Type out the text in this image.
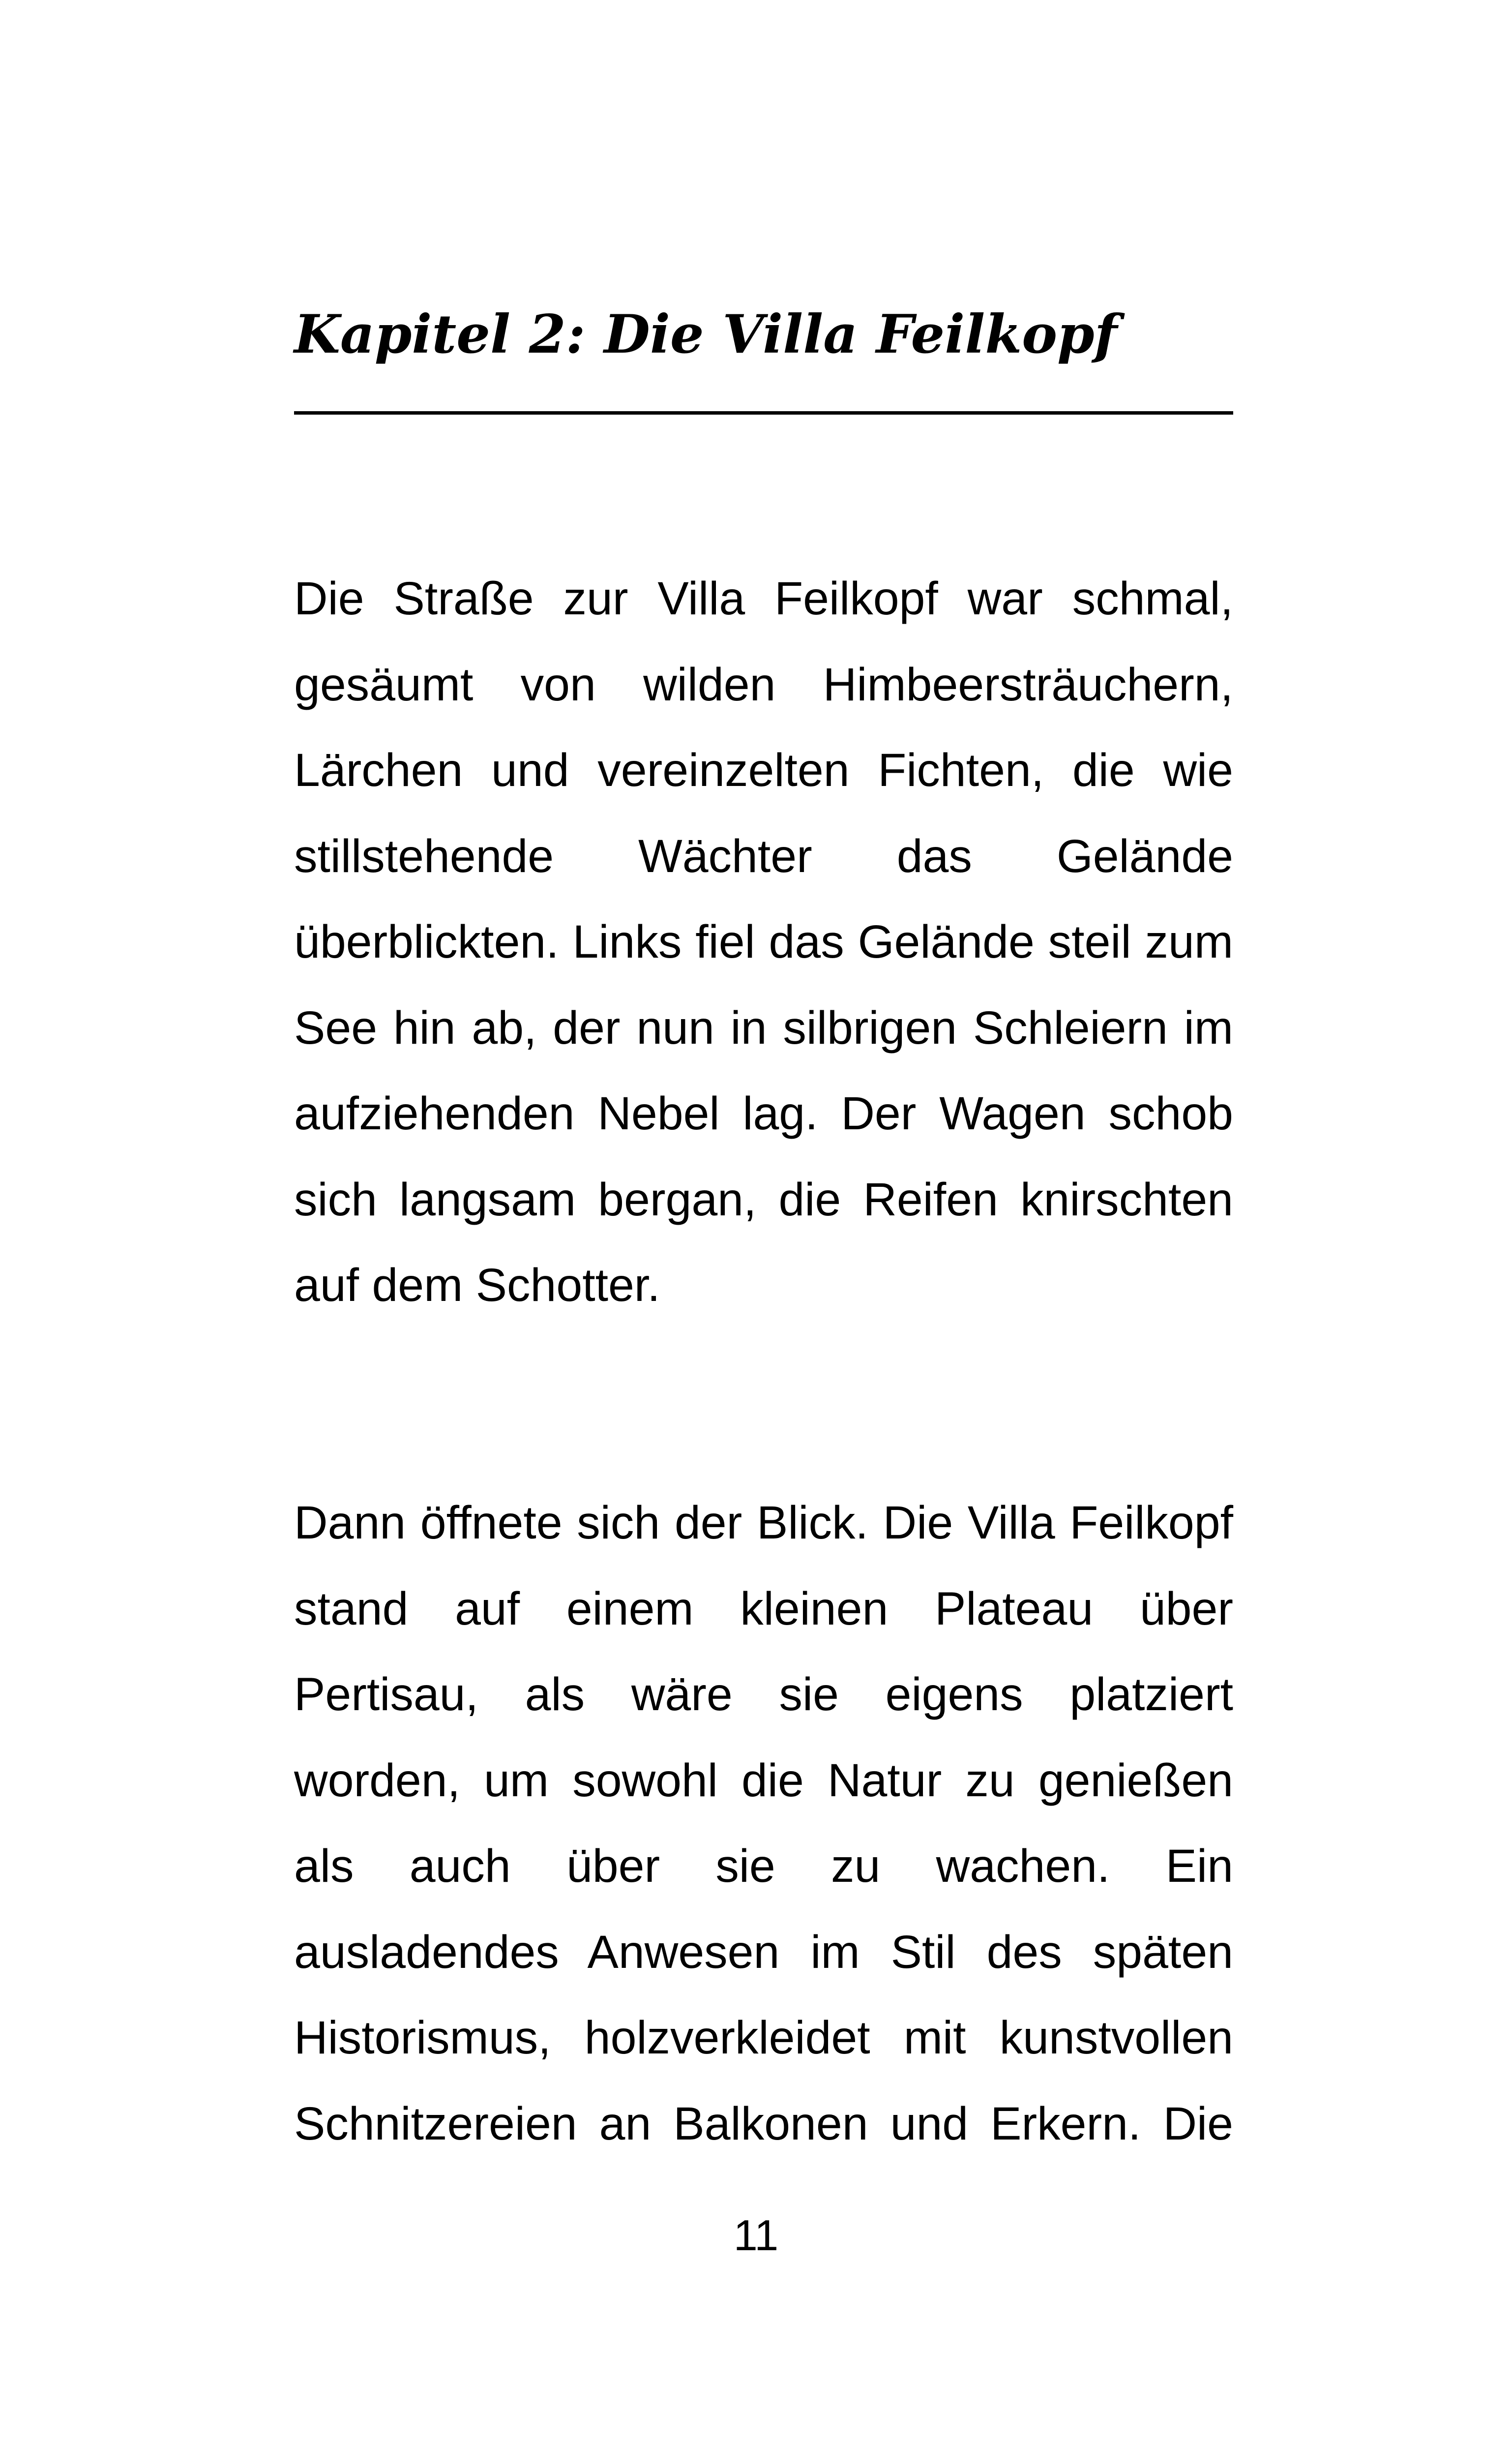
Kapitel 2: Die Villa Feilkopf

Die Straße zur Villa Feilkopf war schmal, gesäumt von wilden Himbeersträuchern, Lärchen und vereinzelten Fichten, die wie stillstehende Wächter das Gelände überblickten. Links fiel das Gelände steil zum See hin ab, der nun in silbrigen Schleiern im aufziehenden Nebel lag. Der Wagen schob sich langsam bergan, die Reifen knirschten auf dem Schotter.

Dann öffnete sich der Blick. Die Villa Feilkopf stand auf einem kleinen Plateau über Pertisau, als wäre sie eigens platziert worden, um sowohl die Natur zu genießen als auch über sie zu wachen. Ein ausladendes Anwesen im Stil des späten Historismus, holzverkleidet mit kunstvollen Schnitzereien an Balkonen und Erkern. Die

11
